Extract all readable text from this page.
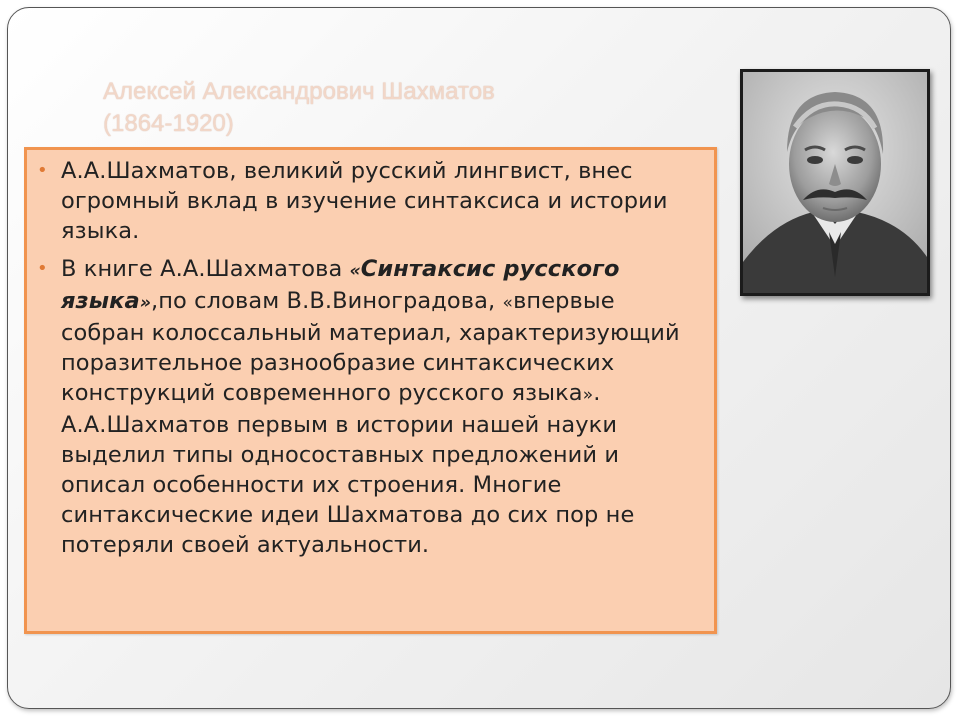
Алексей Александрович Шахматов
(1864-1920)
• А.А.Шахматов, великий русский лингвист, внес огромный вклад в изучение синтаксиса и истории языка.
• В книге А.А.Шахматова «Синтаксис русского языка»,по словам В.В.Виноградова, «впервые собран колоссальный материал, характеризующий поразительное разнообразие синтаксических конструкций современного русского языка». А.А.Шахматов первым в истории нашей науки выделил типы односоставных предложений и описал особенности их строения. Многие синтаксические идеи Шахматова до сих пор не потеряли своей актуальности.
